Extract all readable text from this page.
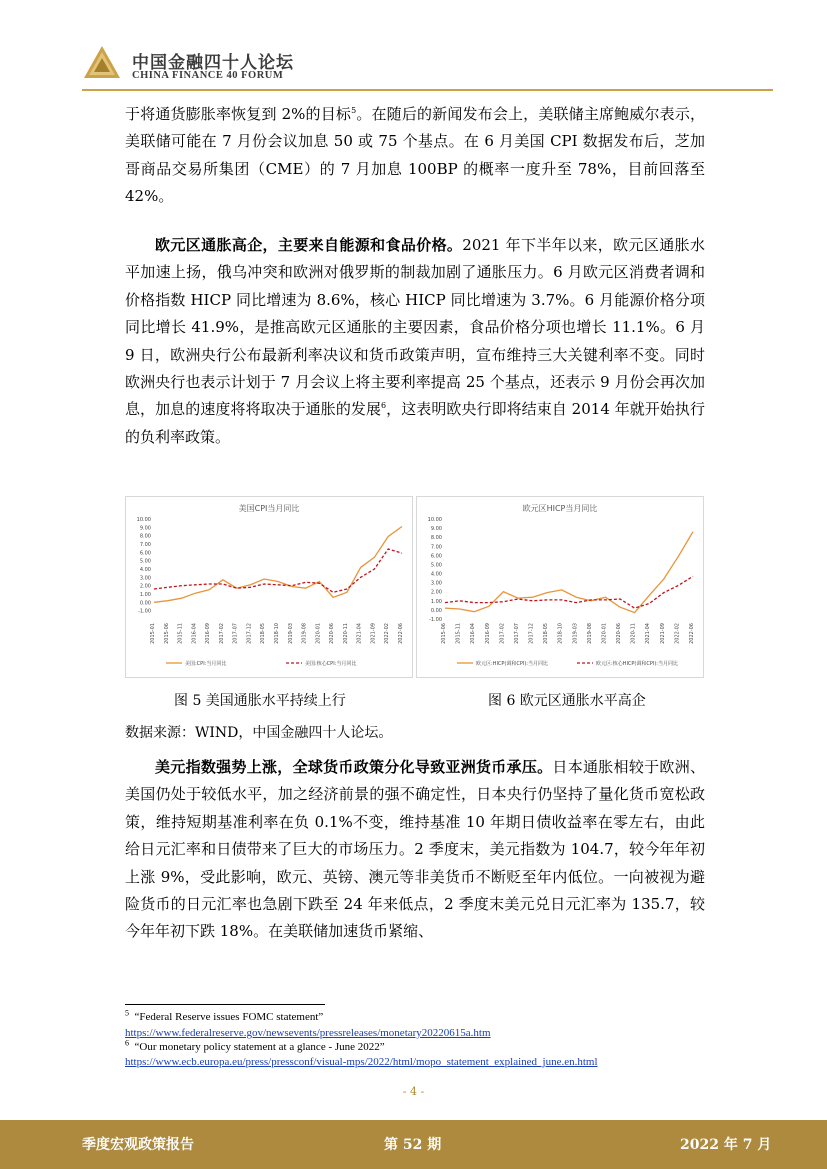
中国金融四十人论坛
CHINA FINANCE 40 FORUM

于将通货膨胀率恢复到 2%的目标$^5$。在随后的新闻发布会上，美联储主席鲍威尔表示，美联储可能在 7 月份会议加息 50 或 75 个基点。在 6 月美国 CPI 数据发布后，芝加哥商品交易所集团（CME）的 7 月加息 100BP 的概率一度升至 78%，目前回落至 42%。

欧元区通胀高企，主要来自能源和食品价格。2021 年下半年以来，欧元区通胀水平加速上扬，俄乌冲突和欧洲对俄罗斯的制裁加剧了通胀压力。6 月欧元区消费者调和价格指数 HICP 同比增速为 8.6%，核心 HICP 同比增速为 3.7%。6 月能源价格分项同比增长 41.9%，是推高欧元区通胀的主要因素，食品价格分项也增长 11.1%。6 月 9 日，欧洲央行公布最新利率决议和货币政策声明，宣布维持三大关键利率不变。同时欧洲央行也表示计划于 7 月会议上将主要利率提高 25 个基点，还表示 9 月份会再次加息，加息的速度将将取决于通胀的发展$^6$，这表明欧央行即将结束自 2014 年就开始执行的负利率政策。

美国CPI当月同比
10.00
9.00
8.00
7.00
6.00
5.00
4.00
3.00
2.00
1.00
0.00
-1.00
2015-01 2015-06 2015-11 2016-04 2016-09 2017-02 2017-07 2017-12 2018-05 2018-10 2019-03 2019-08 2020-01 2020-06 2020-11 2021-04 2021-09 2022-02 2022-06
美国:CPI:当月同比	美国:核心CPI:当月同比
欧元区HICP当月同比
10.00
9.00
8.00
7.00
6.00
5.00
4.00
3.00
2.00
1.00
0.00
-1.00
2015-06 2015-11 2016-04 2016-09 2017-02 2017-07 2017-12 2018-05 2018-10 2019-03 2019-08 2020-01 2020-06 2020-11 2021-04 2021-09 2022-02 2022-06
欧元区:HICP(调和CPI):当月同比	欧元区:核心HICP(调和CPI):当月同比
图 5 美国通胀水平持续上行	图 6 欧元区通胀水平高企
数据来源：WIND，中国金融四十人论坛。

美元指数强势上涨，全球货币政策分化导致亚洲货币承压。日本通胀相较于欧洲、美国仍处于较低水平，加之经济前景的强不确定性，日本央行仍坚持了量化货币宽松政策，维持短期基准利率在负 0.1%不变，维持基准 10 年期日债收益率在零左右，由此给日元汇率和日债带来了巨大的市场压力。2 季度末，美元指数为 104.7，较今年年初上涨 9%，受此影响，欧元、英镑、澳元等非美货币不断贬至年内低位。一向被视为避险货币的日元汇率也急剧下跌至 24 年来低点，2 季度末美元兑日元汇率为 135.7，较今年年初下跌 18%。在美联储加速货币紧缩、

$^5$ “Federal Reserve issues FOMC statement”
https://www.federalreserve.gov/newsevents/pressreleases/monetary20220615a.htm
$^6$ “Our monetary policy statement at a glance - June 2022”
https://www.ecb.europa.eu/press/pressconf/visual-mps/2022/html/mopo_statement_explained_june.en.html
- 4 -
季度宏观政策报告	第 52 期	2022 年 7 月
